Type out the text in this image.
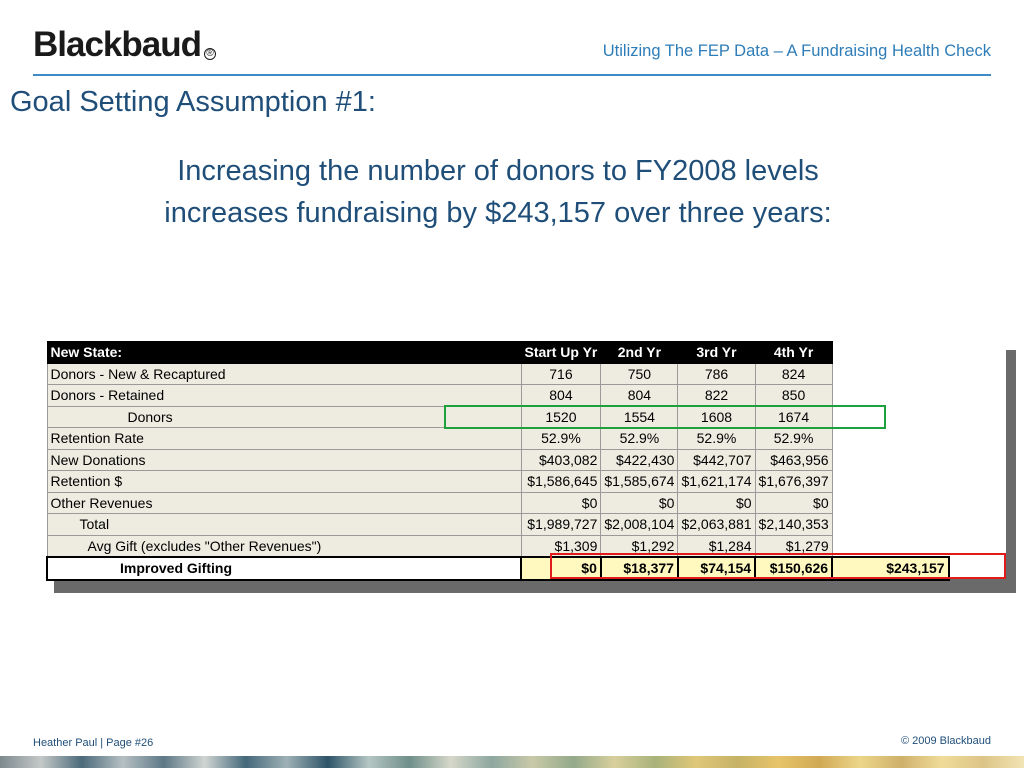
Blackbaud ®	Utilizing The FEP Data – A Fundraising Health Check
Goal Setting Assumption #1:
Increasing the number of donors to FY2008 levels
increases fundraising by $243,157 over three years:
New State:	Start Up Yr	2nd Yr	3rd Yr	4th Yr	
Donors - New & Recaptured	716	750	786	824	
Donors - Retained	804	804	822	850	
Donors	1520	1554	1608	1674	
Retention Rate	52.9%	52.9%	52.9%	52.9%	
New Donations	$403,082	$422,430	$442,707	$463,956	
Retention $	$1,586,645	$1,585,674	$1,621,174	$1,676,397	
Other Revenues	$0	$0	$0	$0	
Total	$1,989,727	$2,008,104	$2,063,881	$2,140,353	
Avg Gift (excludes "Other Revenues")	$1,309	$1,292	$1,284	$1,279	
Improved Gifting	$0	$18,377	$74,154	$150,626	$243,157
Heather Paul | Page #26	© 2009 Blackbaud
